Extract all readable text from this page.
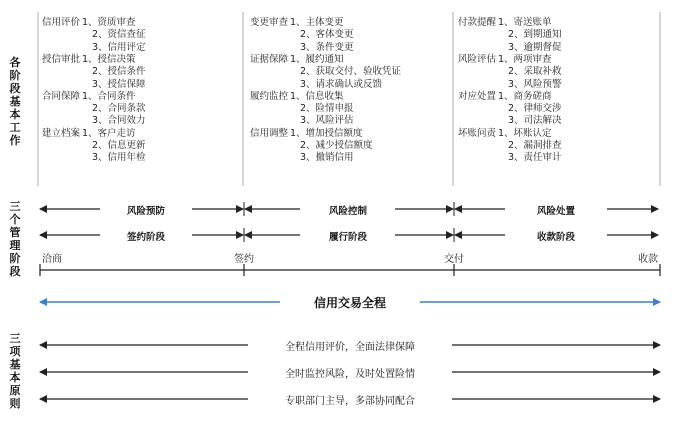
各
阶
段
基
本
工
作
三
个
管
理
阶
段
三
项
基
本
原
则
信用评价 1、资质审查
2、资信查征
3、信用评定
授信审批 1、授信决策
2、授信条件
3、授信保障
合同保障 1、合同条件
2、合同条款
3、合同效力
建立档案 1、客户走访
2、信息更新
3、信用年检
变更审查 1、主体变更
2、客体变更
3、条件变更
证据保障 1、履约通知
2、获取交付、验收凭证
3、请求确认或反馈
履约监控 1、信息收集
2、险情申报
3、风险评估
信用调整 1、增加授信额度
2、减少授信额度
3、撤销信用
付款提醒 1、寄送账单
2、到期通知
3、逾期督促
风险评估 1、两项审查
2、采取补救
3、风险预警
对应处置 1、商务磋商
2、律师交涉
3、司法解决
坏账问责 1、坏账认定
2、漏洞排查
3、责任审计
风险预防	风险控制	风险处置
签约阶段	履行阶段	收款阶段
洽商	签约	交付	收款
信用交易全程
全程信用评价，全面法律保障
全时监控风险，及时处置险情
专职部门主导，多部协同配合
